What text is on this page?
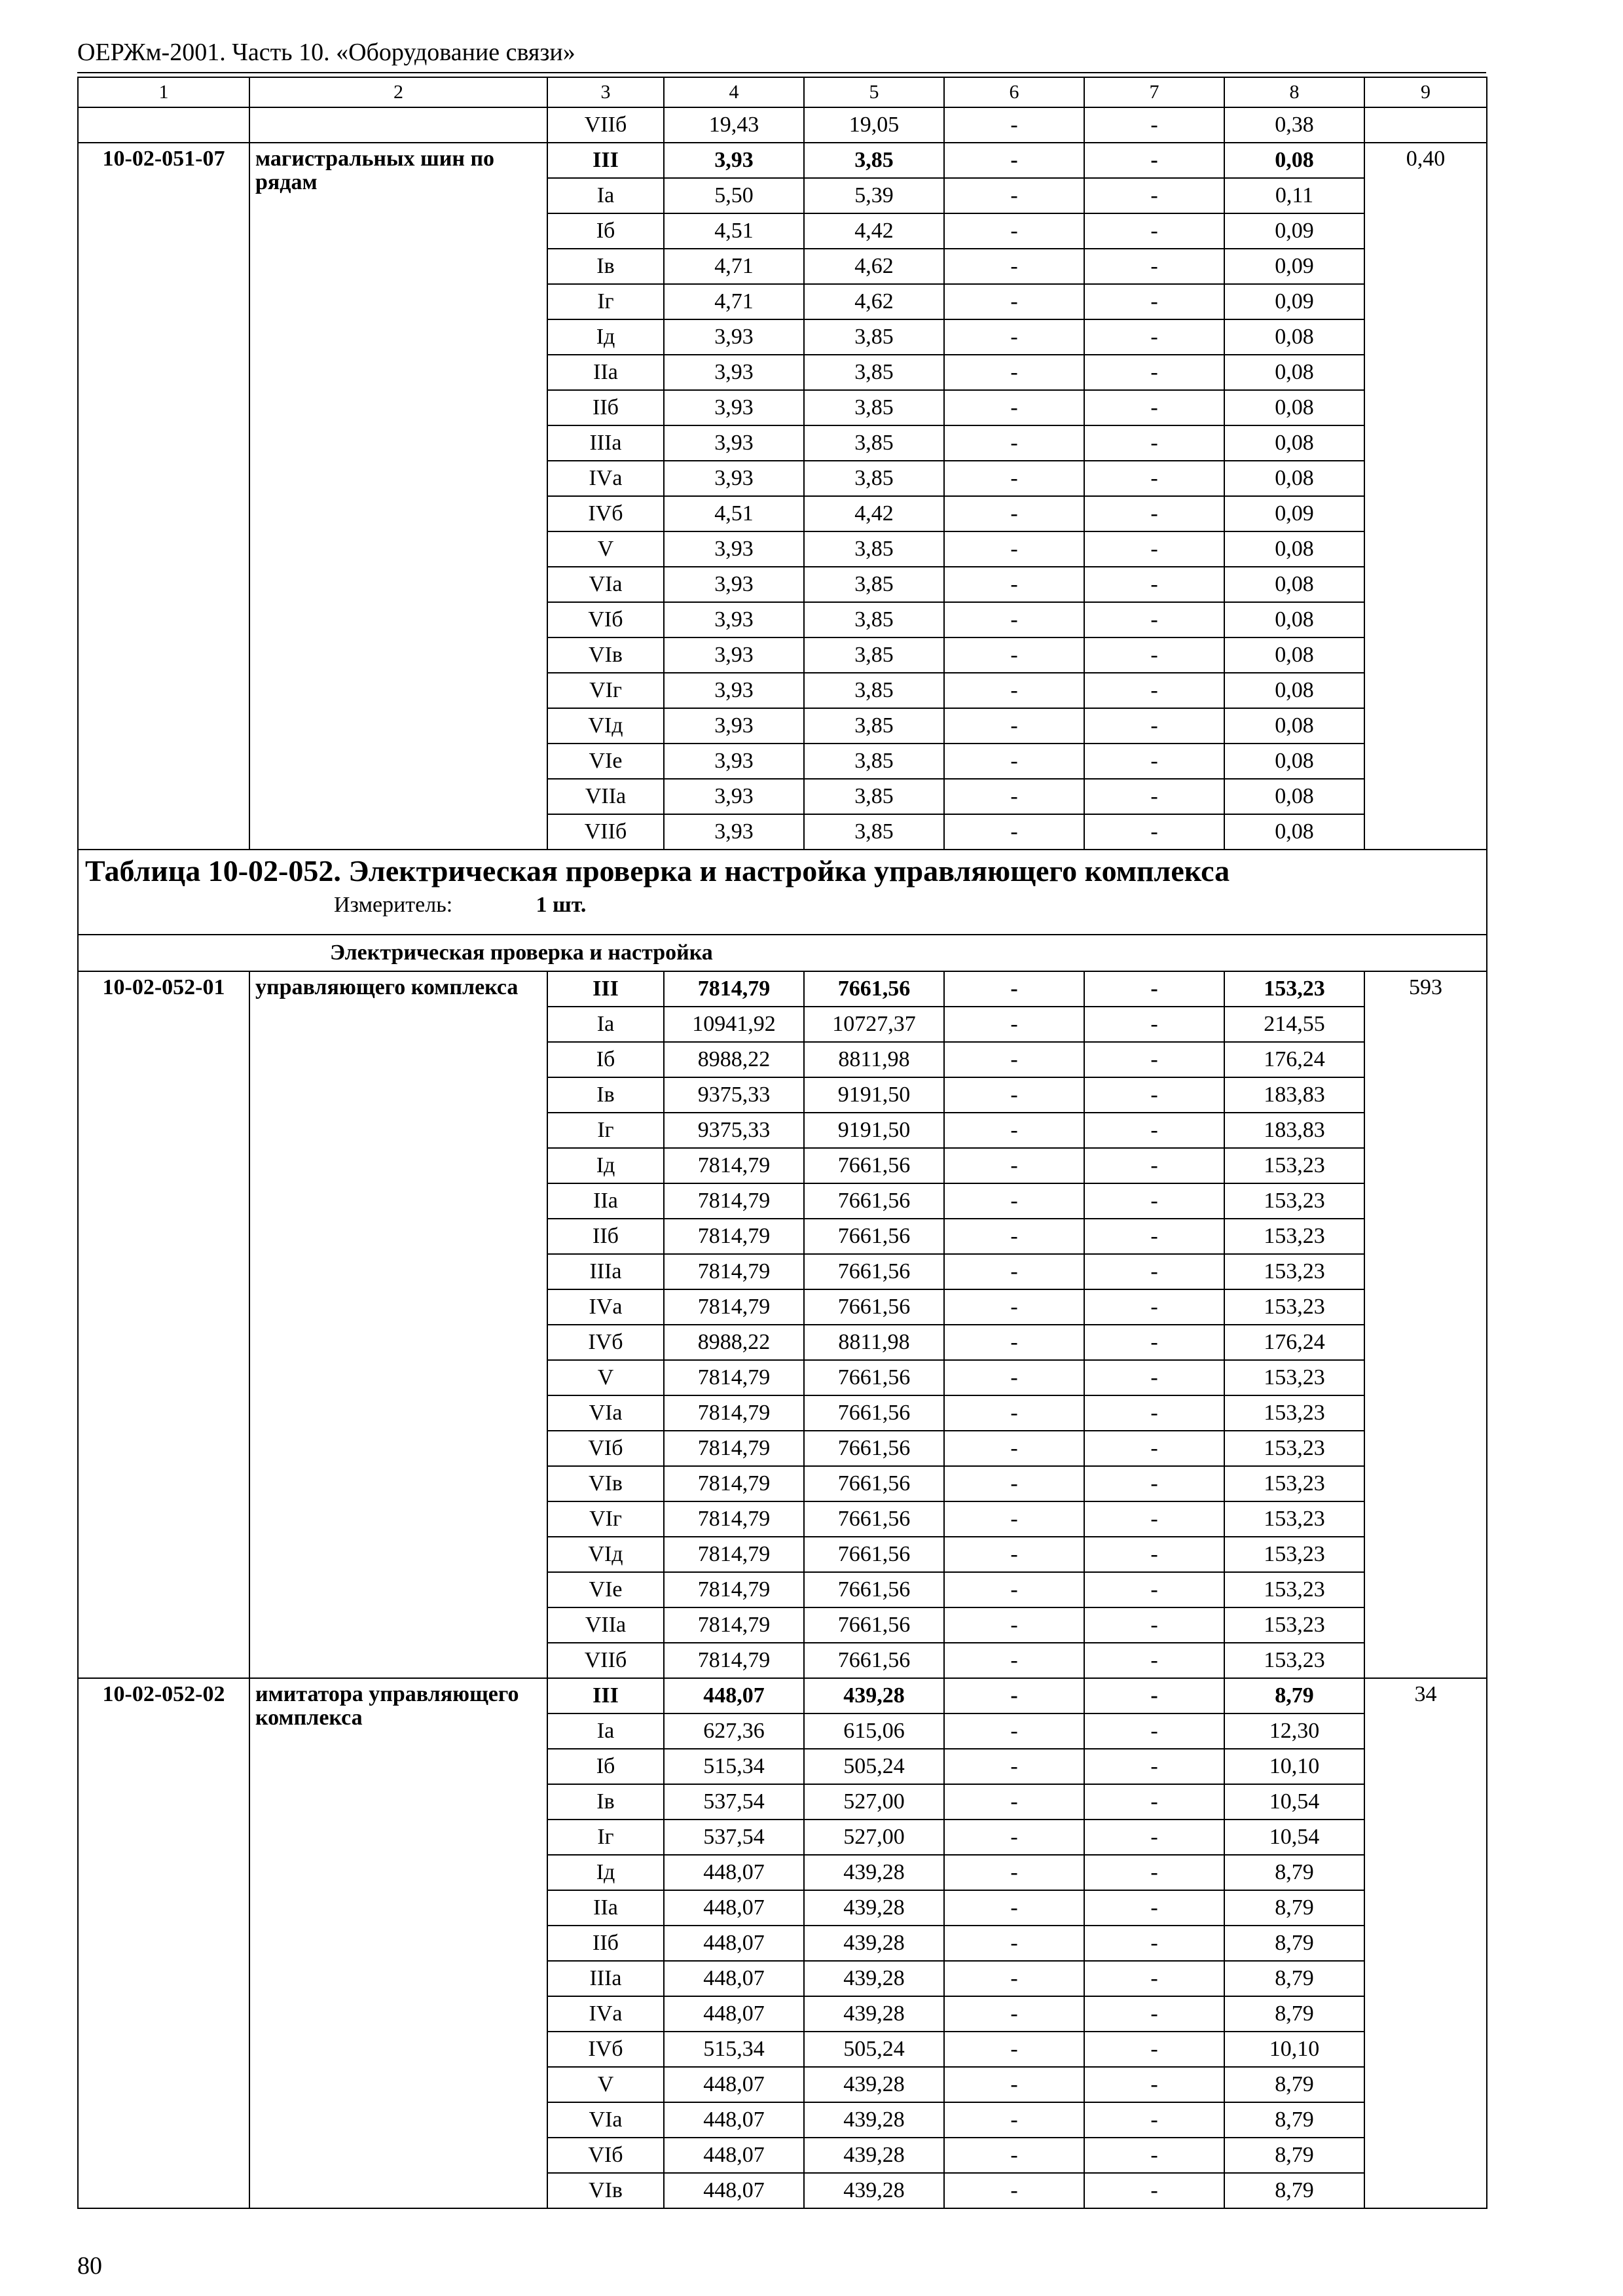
ОЕРЖм-2001. Часть 10. «Оборудование связи»
1	2	3	4	5	6	7	8	9
		VIIб	19,43	19,05	-	-	0,38	
10-02-051-07	магистральных шин по рядам	III	3,93	3,85	-	-	0,08	0,40
		Iа	5,50	5,39	-	-	0,11	
		Iб	4,51	4,42	-	-	0,09	
		Iв	4,71	4,62	-	-	0,09	
		Iг	4,71	4,62	-	-	0,09	
		Iд	3,93	3,85	-	-	0,08	
		IIа	3,93	3,85	-	-	0,08	
		IIб	3,93	3,85	-	-	0,08	
		IIIа	3,93	3,85	-	-	0,08	
		IVа	3,93	3,85	-	-	0,08	
		IVб	4,51	4,42	-	-	0,09	
		V	3,93	3,85	-	-	0,08	
		VIа	3,93	3,85	-	-	0,08	
		VIб	3,93	3,85	-	-	0,08	
		VIв	3,93	3,85	-	-	0,08	
		VIг	3,93	3,85	-	-	0,08	
		VIд	3,93	3,85	-	-	0,08	
		VIе	3,93	3,85	-	-	0,08	
		VIIа	3,93	3,85	-	-	0,08	
		VIIб	3,93	3,85	-	-	0,08	

Таблица 10-02-052. Электрическая проверка и настройка управляющего комплекса
Измеритель: 1 шт.								

Электрическая проверка и настройка								
10-02-052-01	управляющего комплекса	III	7814,79	7661,56	-	-	153,23	593
		Iа	10941,92	10727,37	-	-	214,55	
		Iб	8988,22	8811,98	-	-	176,24	
		Iв	9375,33	9191,50	-	-	183,83	
		Iг	9375,33	9191,50	-	-	183,83	
		Iд	7814,79	7661,56	-	-	153,23	
		IIа	7814,79	7661,56	-	-	153,23	
		IIб	7814,79	7661,56	-	-	153,23	
		IIIа	7814,79	7661,56	-	-	153,23	
		IVа	7814,79	7661,56	-	-	153,23	
		IVб	8988,22	8811,98	-	-	176,24	
		V	7814,79	7661,56	-	-	153,23	
		VIа	7814,79	7661,56	-	-	153,23	
		VIб	7814,79	7661,56	-	-	153,23	
		VIв	7814,79	7661,56	-	-	153,23	
		VIг	7814,79	7661,56	-	-	153,23	
		VIд	7814,79	7661,56	-	-	153,23	
		VIе	7814,79	7661,56	-	-	153,23	
		VIIа	7814,79	7661,56	-	-	153,23	
		VIIб	7814,79	7661,56	-	-	153,23	
10-02-052-02	имитатора управляющего комплекса	III	448,07	439,28	-	-	8,79	34
		Iа	627,36	615,06	-	-	12,30	
		Iб	515,34	505,24	-	-	10,10	
		Iв	537,54	527,00	-	-	10,54	
		Iг	537,54	527,00	-	-	10,54	
		Iд	448,07	439,28	-	-	8,79	
		IIа	448,07	439,28	-	-	8,79	
		IIб	448,07	439,28	-	-	8,79	
		IIIа	448,07	439,28	-	-	8,79	
		IVа	448,07	439,28	-	-	8,79	
		IVб	515,34	505,24	-	-	10,10	
		V	448,07	439,28	-	-	8,79	
		VIа	448,07	439,28	-	-	8,79	
		VIб	448,07	439,28	-	-	8,79	
		VIв	448,07	439,28	-	-	8,79	
80
